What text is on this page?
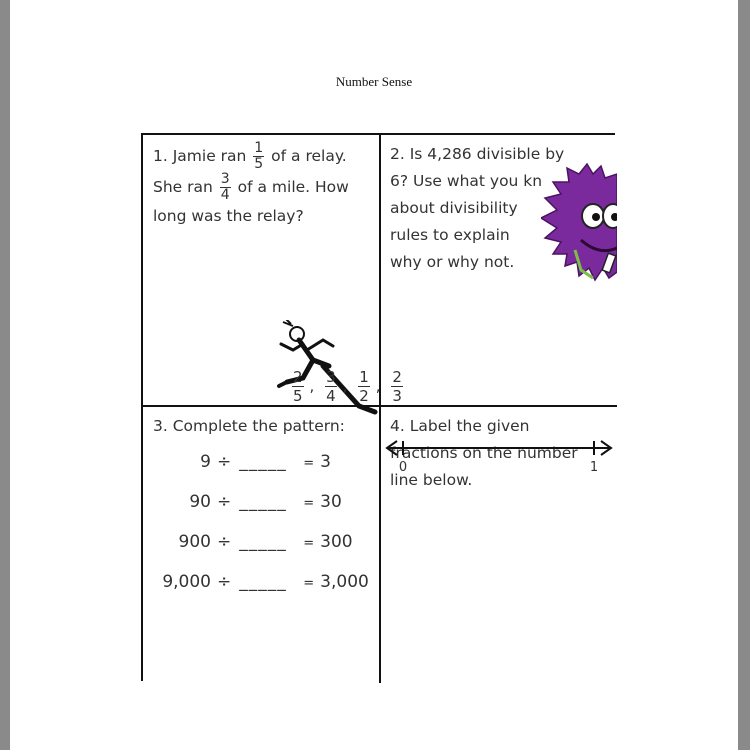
Number Sense
1. Jamie ran $\frac{1}{5}$ of a relay.
She ran $\frac{3}{4}$ of a mile. How
long was the relay?
2. Is 4,286 divisible by
6? Use what you kn
about divisibility
rules to explain
why or why not.
3. Complete the pattern:
9 ÷ _____ = 3
90 ÷ _____ = 30
900 ÷ _____ = 300
9,000 ÷ _____ = 3,000
4. Label the given
fractions on the number
line below.
$\frac{2}{5}$ , $\frac{3}{4}$ , $\frac{1}{2}$ , $\frac{2}{3}$
0	1
